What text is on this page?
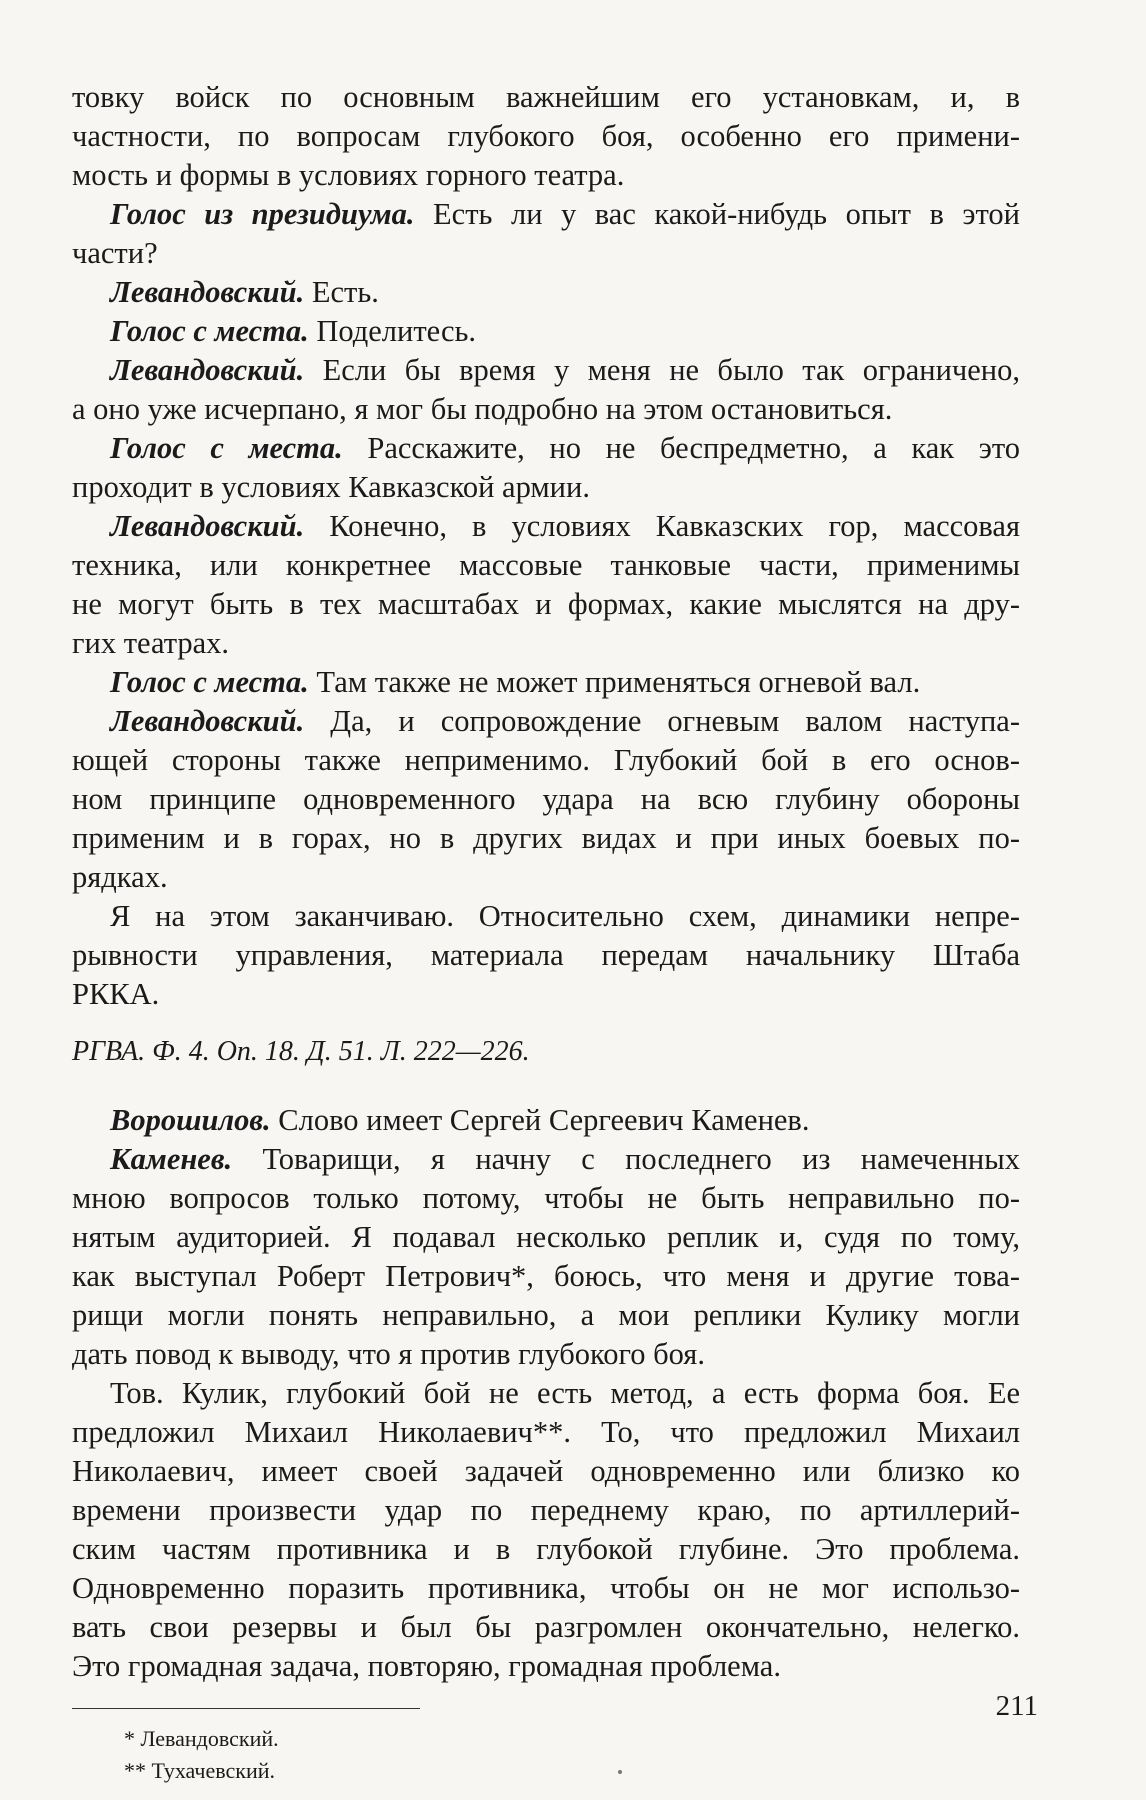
товку войск по основным важнейшим его установкам, и, в
частности, по вопросам глубокого боя, особенно его примени-
мость и формы в условиях горного театра.
Голос из президиума. Есть ли у вас какой-нибудь опыт в этой
части?
Левандовский. Есть.
Голос с места. Поделитесь.
Левандовский. Если бы время у меня не было так ограничено,
а оно уже исчерпано, я мог бы подробно на этом остановиться.
Голос с места. Расскажите, но не беспредметно, а как это
проходит в условиях Кавказской армии.
Левандовский. Конечно, в условиях Кавказских гор, массовая
техника, или конкретнее массовые танковые части, применимы
не могут быть в тех масштабах и формах, какие мыслятся на дру-
гих театрах.
Голос с места. Там также не может применяться огневой вал.
Левандовский. Да, и сопровождение огневым валом наступа-
ющей стороны также неприменимо. Глубокий бой в его основ-
ном принципе одновременного удара на всю глубину обороны
применим и в горах, но в других видах и при иных боевых по-
рядках.
Я на этом заканчиваю. Относительно схем, динамики непре-
рывности управления, материала передам начальнику Штаба
РККА.
РГВА. Ф. 4. Оп. 18. Д. 51. Л. 222—226.
Ворошилов. Слово имеет Сергей Сергеевич Каменев.
Каменев. Товарищи, я начну с последнего из намеченных
мною вопросов только потому, чтобы не быть неправильно по-
нятым аудиторией. Я подавал несколько реплик и, судя по тому,
как выступал Роберт Петрович*, боюсь, что меня и другие това-
рищи могли понять неправильно, а мои реплики Кулику могли
дать повод к выводу, что я против глубокого боя.
Тов. Кулик, глубокий бой не есть метод, а есть форма боя. Ее
предложил Михаил Николаевич**. То, что предложил Михаил
Николаевич, имеет своей задачей одновременно или близко ко
времени произвести удар по переднему краю, по артиллерий-
ским частям противника и в глубокой глубине. Это проблема.
Одновременно поразить противника, чтобы он не мог использо-
вать свои резервы и был бы разгромлен окончательно, нелегко.
Это громадная задача, повторяю, громадная проблема.
* Левандовский.
** Тухачевский.
211
